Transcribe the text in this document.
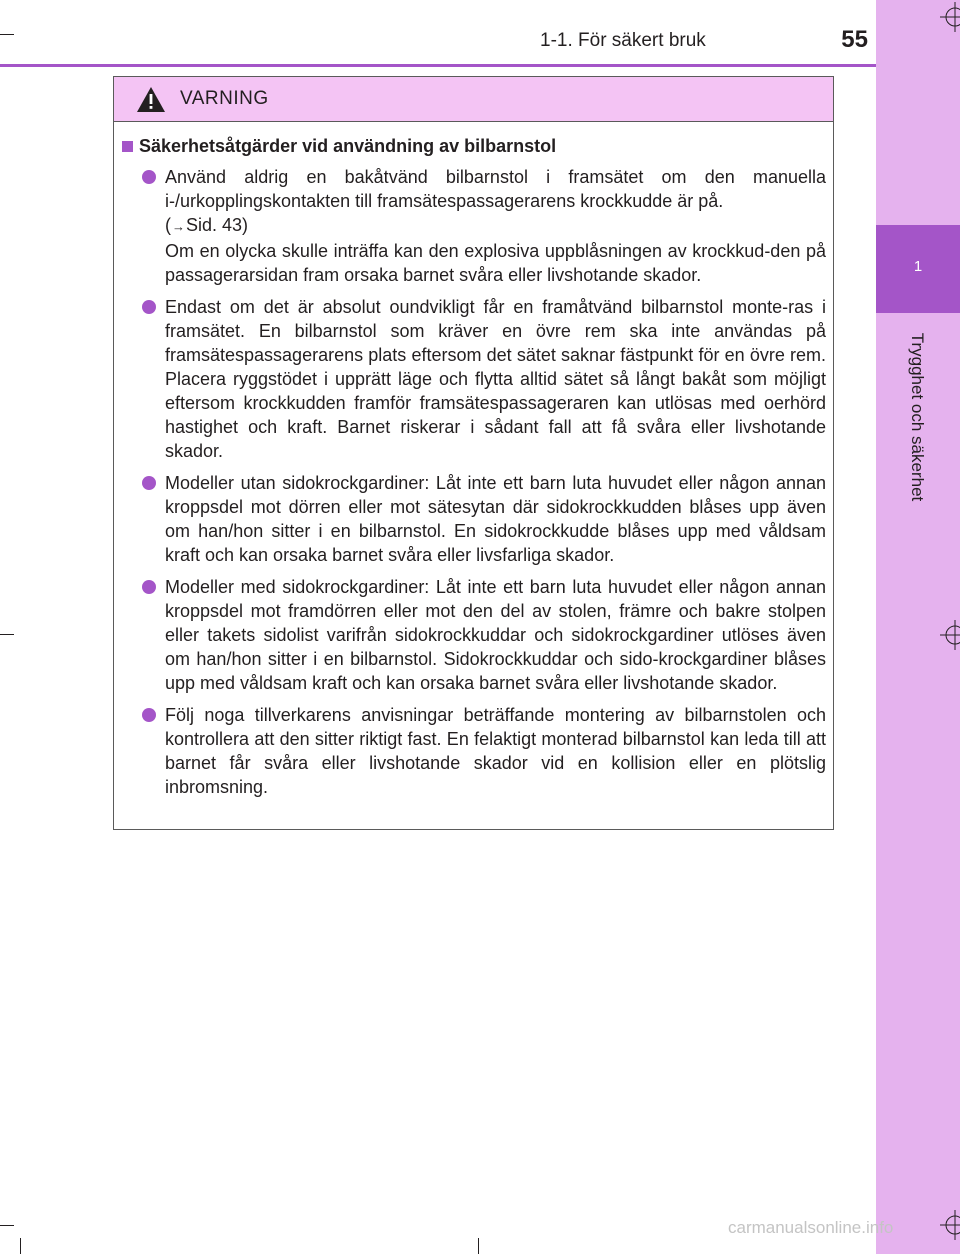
1
Trygghet och säkerhet
1-1. För säkert bruk	55
VARNING
Säkerhetsåtgärder vid användning av bilbarnstol
Använd aldrig en bakåtvänd bilbarnstol i framsätet om den manuella i-/urkopplingskontakten till framsätespassagerarens krockkudde är på.
(→Sid. 43)
Om en olycka skulle inträffa kan den explosiva uppblåsningen av krockkud-den på passagerarsidan fram orsaka barnet svåra eller livshotande skador.
Endast om det är absolut oundvikligt får en framåtvänd bilbarnstol monte-ras i framsätet. En bilbarnstol som kräver en övre rem ska inte användas på framsätespassagerarens plats eftersom det sätet saknar fästpunkt för en övre rem. Placera ryggstödet i upprätt läge och flytta alltid sätet så långt bakåt som möjligt eftersom krockkudden framför framsätespassageraren kan utlösas med oerhörd hastighet och kraft. Barnet riskerar i sådant fall att få svåra eller livshotande skador.
Modeller utan sidokrockgardiner: Låt inte ett barn luta huvudet eller någon annan kroppsdel mot dörren eller mot sätesytan där sidokrockkudden blåses upp även om han/hon sitter i en bilbarnstol. En sidokrockkudde blåses upp med våldsam kraft och kan orsaka barnet svåra eller livsfarliga skador.
Modeller med sidokrockgardiner: Låt inte ett barn luta huvudet eller någon annan kroppsdel mot framdörren eller mot den del av stolen, främre och bakre stolpen eller takets sidolist varifrån sidokrockkuddar och sidokrockgardiner utlöses även om han/hon sitter i en bilbarnstol. Sidokrockkuddar och sido-krockgardiner blåses upp med våldsam kraft och kan orsaka barnet svåra eller livshotande skador.
Följ noga tillverkarens anvisningar beträffande montering av bilbarnstolen och kontrollera att den sitter riktigt fast. En felaktigt monterad bilbarnstol kan leda till att barnet får svåra eller livshotande skador vid en kollision eller en plötslig inbromsning.
carmanualsonline.info
